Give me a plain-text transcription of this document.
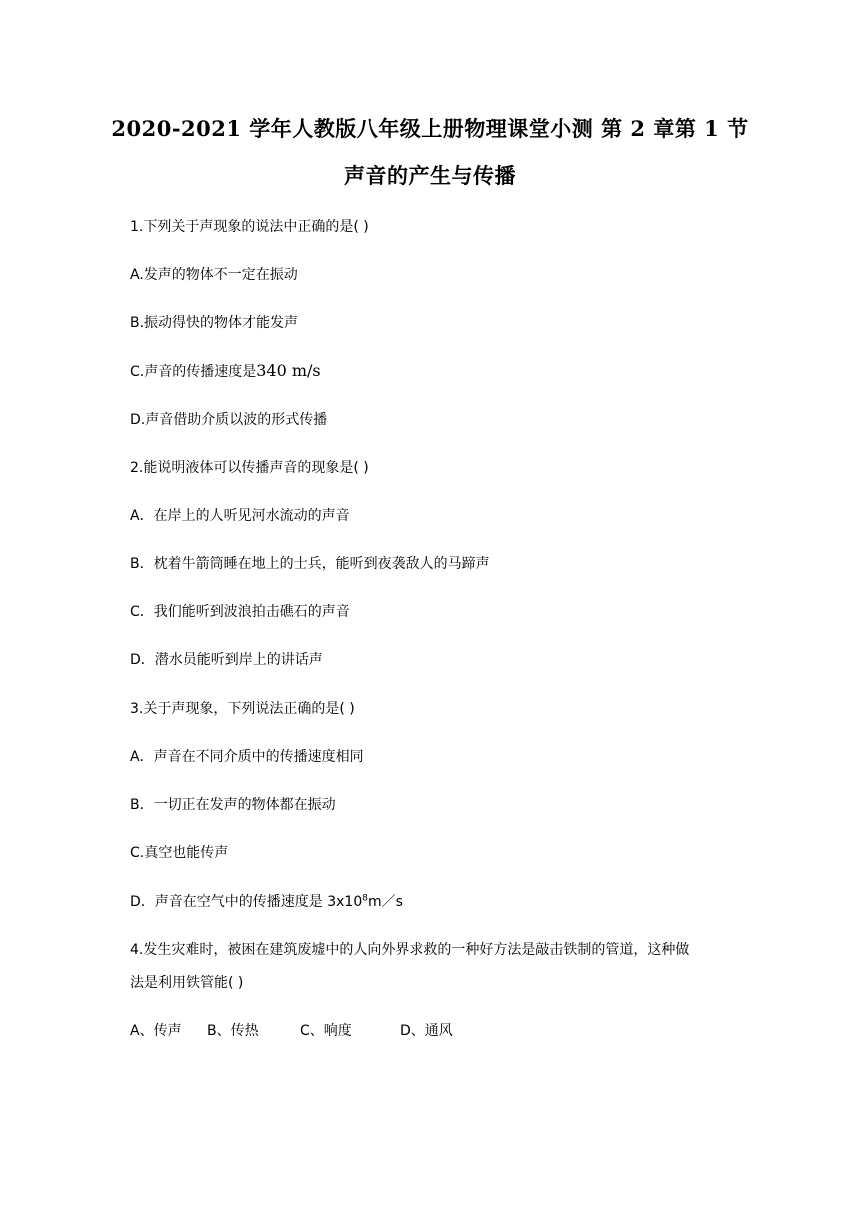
2020-2021 学年人教版八年级上册物理课堂小测 第 2 章第 1 节
声音的产生与传播
1.下列关于声现象的说法中正确的是( )
A.发声的物体不一定在振动
B.振动得快的物体才能发声
C.声音的传播速度是340 m/s
D.声音借助介质以波的形式传播
2.能说明液体可以传播声音的现象是( )
A．在岸上的人听见河水流动的声音
B．枕着牛箭筒睡在地上的士兵，能听到夜袭敌人的马蹄声
C．我们能听到波浪拍击礁石的声音
D．潜水员能听到岸上的讲话声
3.关于声现象，下列说法正确的是( )
A．声音在不同介质中的传播速度相同
B．一切正在发声的物体都在振动
C.真空也能传声
D．声音在空气中的传播速度是 $3x10^8m/s$
4.发生灾难时，被困在建筑废墟中的人向外界求救的一种好方法是敲击铁制的管道，这种做
法是利用铁管能( )
A、传声 B、传热	C、响度	D、通风
